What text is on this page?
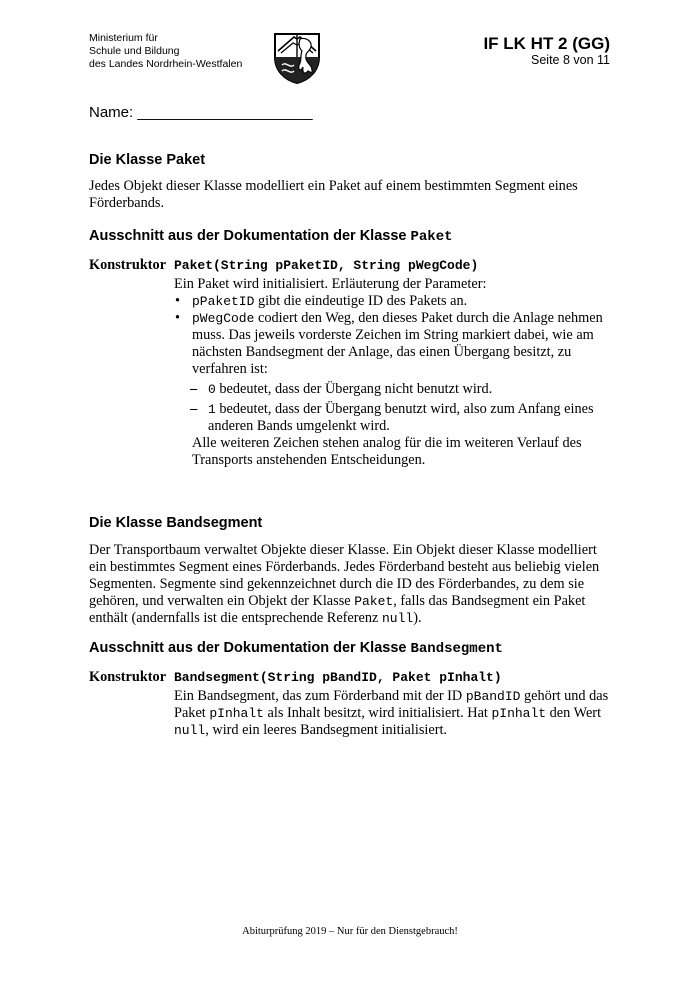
Ministerium für
Schule und Bildung
des Landes Nordrhein-Westfalen
IF LK HT 2 (GG)
Seite 8 von 11
Name: _____________________
Die Klasse Paket
Jedes Objekt dieser Klasse modelliert ein Paket auf einem bestimmten Segment eines Förderbands.
Ausschnitt aus der Dokumentation der Klasse Paket
Konstruktor Paket(String pPaketID, String pWegCode)
Ein Paket wird initialisiert. Erläuterung der Parameter:
• pPaketID gibt die eindeutige ID des Pakets an.
• pWegCode codiert den Weg, den dieses Paket durch die Anlage nehmen muss. Das jeweils vorderste Zeichen im String markiert dabei, wie am nächsten Bandsegment der Anlage, das einen Übergang besitzt, zu verfahren ist:
– 0 bedeutet, dass der Übergang nicht benutzt wird.
– 1 bedeutet, dass der Übergang benutzt wird, also zum Anfang eines anderen Bands umgelenkt wird.
Alle weiteren Zeichen stehen analog für die im weiteren Verlauf des Transports anstehenden Entscheidungen.
Die Klasse Bandsegment
Der Transportbaum verwaltet Objekte dieser Klasse. Ein Objekt dieser Klasse modelliert ein bestimmtes Segment eines Förderbands. Jedes Förderband besteht aus beliebig vielen Segmenten. Segmente sind gekennzeichnet durch die ID des Förderbandes, zu dem sie gehören, und verwalten ein Objekt der Klasse Paket, falls das Bandsegment ein Paket enthält (andernfalls ist die entsprechende Referenz null).
Ausschnitt aus der Dokumentation der Klasse Bandsegment
Konstruktor Bandsegment(String pBandID, Paket pInhalt)
Ein Bandsegment, das zum Förderband mit der ID pBandID gehört und das Paket pInhalt als Inhalt besitzt, wird initialisiert. Hat pInhalt den Wert null, wird ein leeres Bandsegment initialisiert.
Abiturprüfung 2019 – Nur für den Dienstgebrauch!
